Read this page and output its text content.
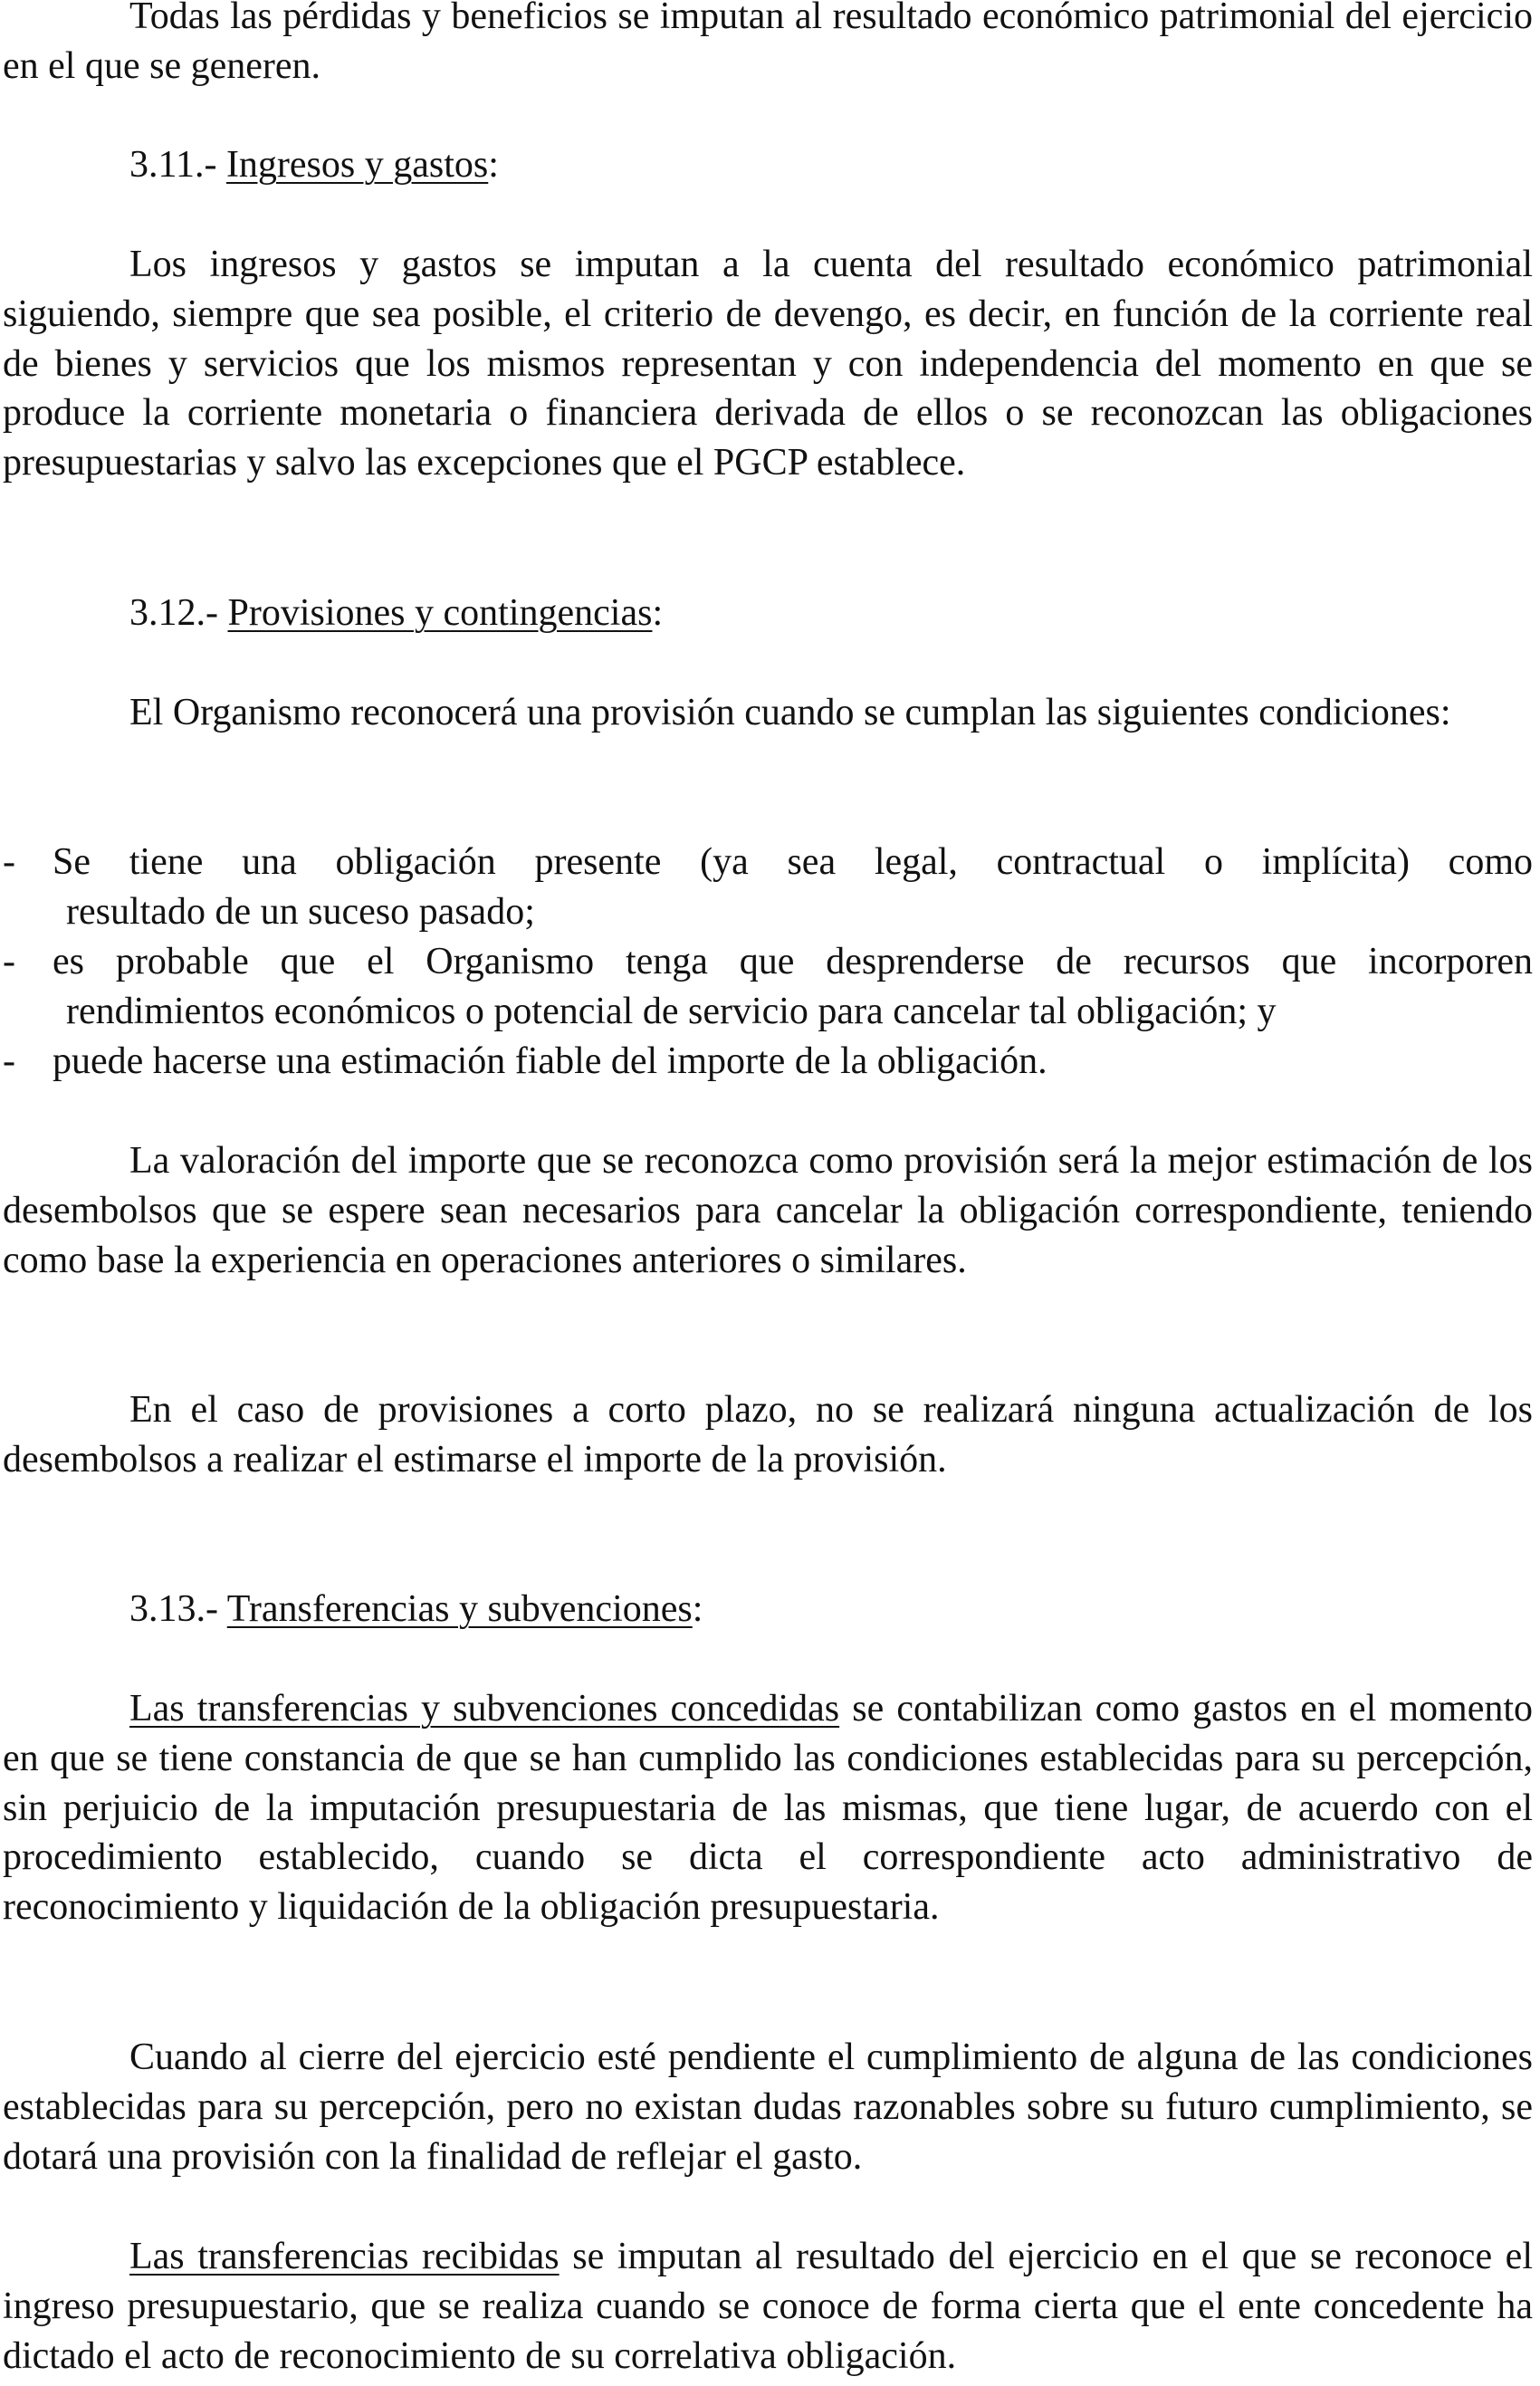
Todas las pérdidas y beneficios se imputan al resultado económico patrimonial del ejercicio en el que se generen.

3.11.- Ingresos y gastos:

Los ingresos y gastos se imputan a la cuenta del resultado económico patrimonial siguiendo, siempre que sea posible, el criterio de devengo, es decir, en función de la corriente real de bienes y servicios que los mismos representan y con independencia del momento en que se produce la corriente monetaria o financiera derivada de ellos o se reconozcan las obligaciones presupuestarias y salvo las excepciones que el PGCP establece.

3.12.- Provisiones y contingencias:

El Organismo reconocerá una provisión cuando se cumplan las siguientes condiciones:

- Se tiene una obligación presente (ya sea legal, contractual o implícita) como
resultado de un suceso pasado;
- es probable que el Organismo tenga que desprenderse de recursos que incorporen
rendimientos económicos o potencial de servicio para cancelar tal obligación; y
- puede hacerse una estimación fiable del importe de la obligación.

La valoración del importe que se reconozca como provisión será la mejor estimación de los desembolsos que se espere sean necesarios para cancelar la obligación correspondiente, teniendo como base la experiencia en operaciones anteriores o similares.

En el caso de provisiones a corto plazo, no se realizará ninguna actualización de los desembolsos a realizar el estimarse el importe de la provisión.

3.13.- Transferencias y subvenciones:

Las transferencias y subvenciones concedidas se contabilizan como gastos en el momento en que se tiene constancia de que se han cumplido las condiciones establecidas para su percepción, sin perjuicio de la imputación presupuestaria de las mismas, que tiene lugar, de acuerdo con el procedimiento establecido, cuando se dicta el correspondiente acto administrativo de reconocimiento y liquidación de la obligación presupuestaria.

Cuando al cierre del ejercicio esté pendiente el cumplimiento de alguna de las condiciones establecidas para su percepción, pero no existan dudas razonables sobre su futuro cumplimiento, se dotará una provisión con la finalidad de reflejar el gasto.

Las transferencias recibidas se imputan al resultado del ejercicio en el que se reconoce el ingreso presupuestario, que se realiza cuando se conoce de forma cierta que el ente concedente ha dictado el acto de reconocimiento de su correlativa obligación.
